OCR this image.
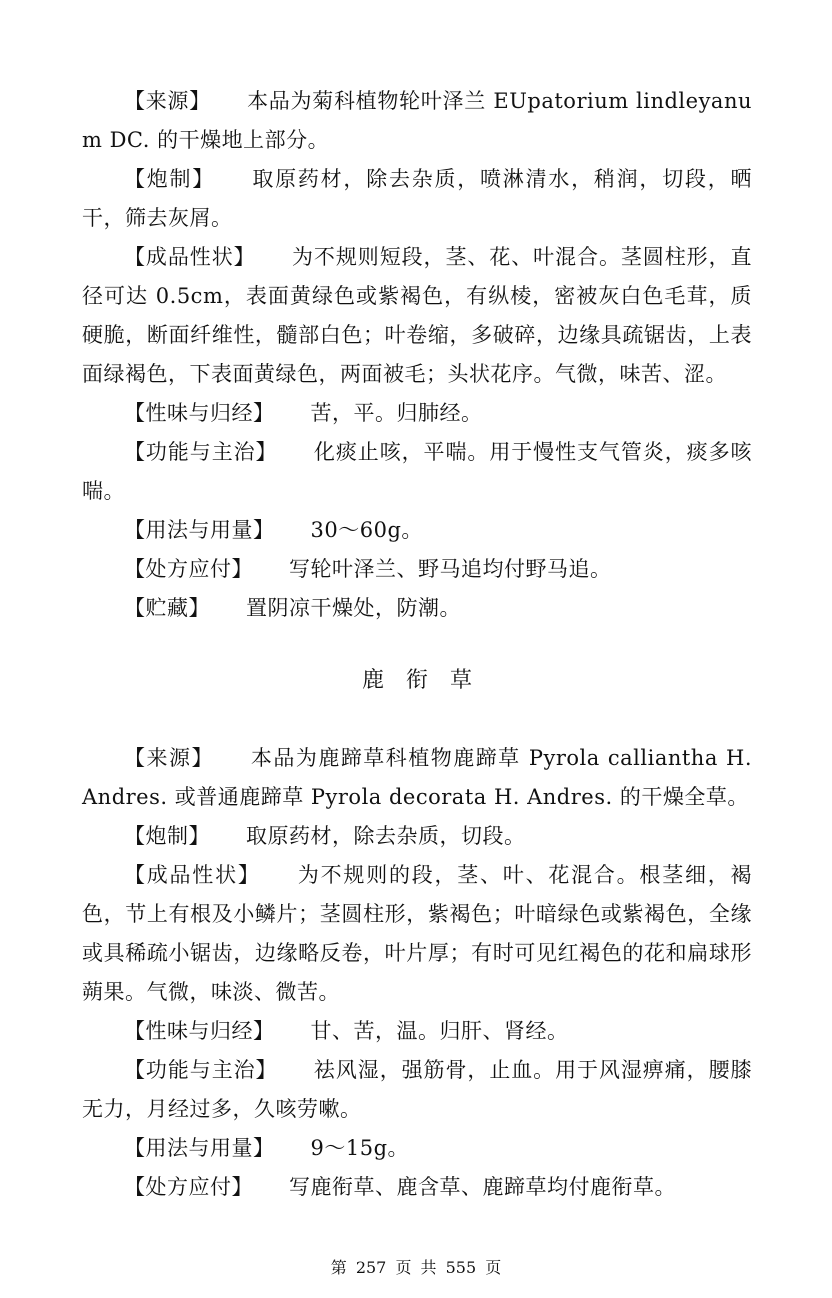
【来源】 本品为菊科植物轮叶泽兰 EUpatorium lindleyanum DC. 的干燥地上部分。

【炮制】 取原药材，除去杂质，喷淋清水，稍润，切段，晒干，筛去灰屑。

【成品性状】 为不规则短段，茎、花、叶混合。茎圆柱形，直径可达 0.5cm，表面黄绿色或紫褐色，有纵棱，密被灰白色毛茸，质硬脆，断面纤维性，髓部白色；叶卷缩，多破碎，边缘具疏锯齿，上表面绿褐色，下表面黄绿色，两面被毛；头状花序。气微，味苦、涩。

【性味与归经】 苦，平。归肺经。

【功能与主治】 化痰止咳，平喘。用于慢性支气管炎，痰多咳喘。

【用法与用量】 30～60g。

【处方应付】 写轮叶泽兰、野马追均付野马追。

【贮藏】 置阴凉干燥处，防潮。

鹿衔草

【来源】 本品为鹿蹄草科植物鹿蹄草 Pyrola calliantha H. Andres. 或普通鹿蹄草 Pyrola decorata H. Andres. 的干燥全草。

【炮制】 取原药材，除去杂质，切段。

【成品性状】 为不规则的段，茎、叶、花混合。根茎细，褐色，节上有根及小鳞片；茎圆柱形，紫褐色；叶暗绿色或紫褐色，全缘或具稀疏小锯齿，边缘略反卷，叶片厚；有时可见红褐色的花和扁球形蒴果。气微，味淡、微苦。

【性味与归经】 甘、苦，温。归肝、肾经。

【功能与主治】 祛风湿，强筋骨，止血。用于风湿痹痛，腰膝无力，月经过多，久咳劳嗽。

【用法与用量】 9～15g。

【处方应付】 写鹿衔草、鹿含草、鹿蹄草均付鹿衔草。

第 257 页 共 555 页
